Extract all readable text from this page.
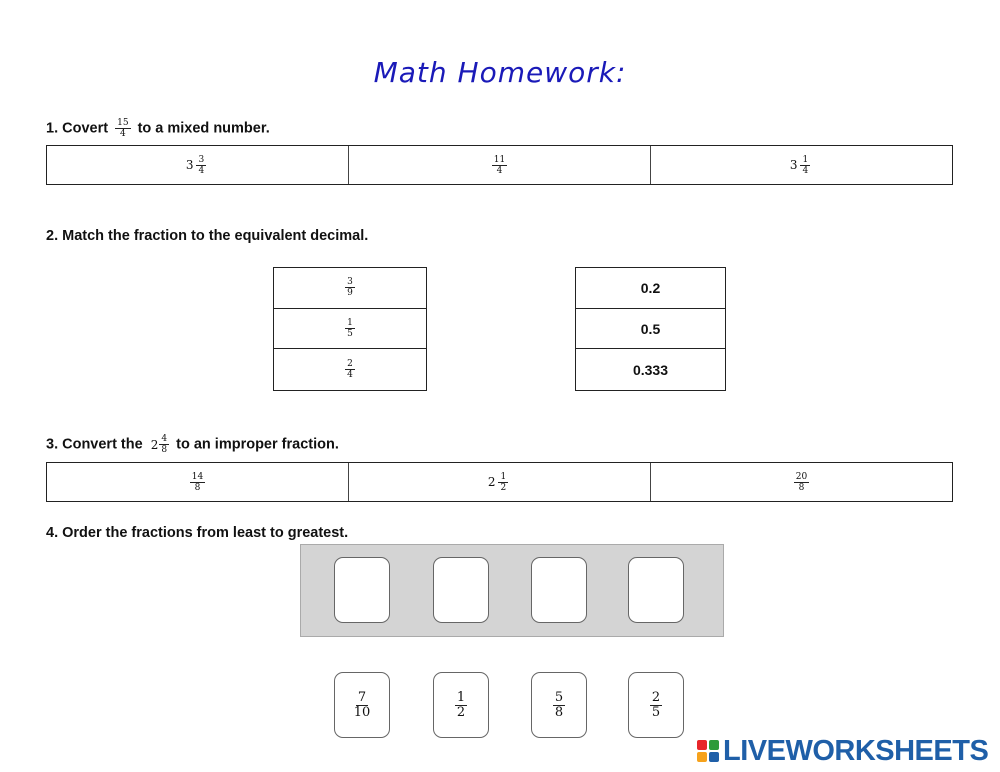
Math Homework:
1. Covert $\frac{15}{4}$ to a mixed number.
$3 \frac{3}{4}$	$\frac{11}{4}$	$3 \frac{1}{4}$
2. Match the fraction to the equivalent decimal.
$\frac{3}{9}$
$\frac{1}{5}$
$\frac{2}{4}$
0.2
0.5
0.333
3. Convert the $2 \frac{4}{8}$ to an improper fraction.
$\frac{14}{8}$	$2 \frac{1}{2}$	$\frac{20}{8}$
4. Order the fractions from least to greatest.
$\frac{7}{10}$	$\frac{1}{2}$	$\frac{5}{8}$	$\frac{2}{5}$
LIVEWORKSHEETS
